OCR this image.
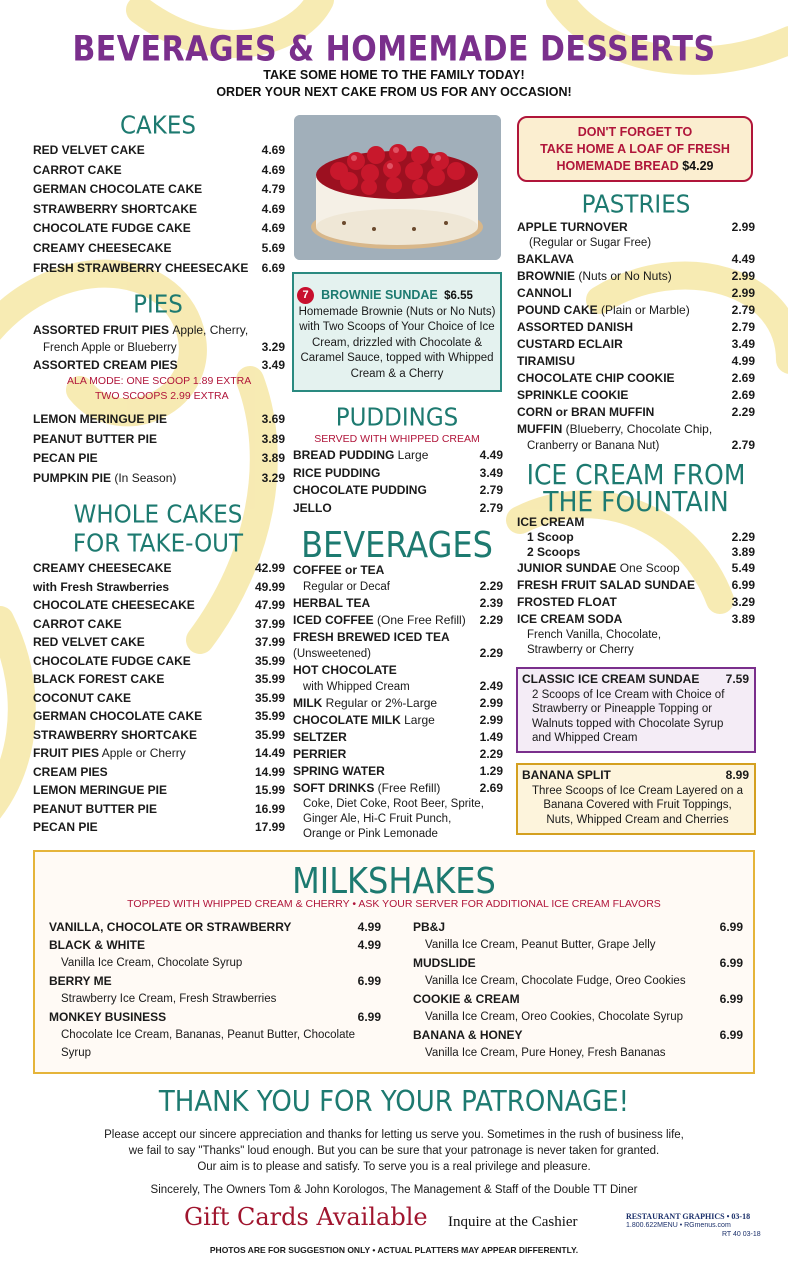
BEVERAGES & HOMEMADE DESSERTS
TAKE SOME HOME TO THE FAMILY TODAY!
ORDER YOUR NEXT CAKE FROM US FOR ANY OCCASION!
CAKES
RED VELVET CAKE	4.69
CARROT CAKE	4.69
GERMAN CHOCOLATE CAKE	4.79
STRAWBERRY SHORTCAKE	4.69
CHOCOLATE FUDGE CAKE	4.69
CREAMY CHEESECAKE	5.69
FRESH STRAWBERRY CHEESECAKE 6.69
PIES
ASSORTED FRUIT PIES Apple, Cherry,
French Apple or Blueberry	3.29
ASSORTED CREAM PIES	3.49
ALA MODE: ONE SCOOP 1.89 EXTRA
TWO SCOOPS 2.99 EXTRA
LEMON MERINGUE PIE	3.69
PEANUT BUTTER PIE	3.89
PECAN PIE	3.89
PUMPKIN PIE (In Season)	3.29
WHOLE CAKES
FOR TAKE-OUT
CREAMY CHEESECAKE	42.99
with Fresh Strawberries	49.99
CHOCOLATE CHEESECAKE	47.99
CARROT CAKE	37.99
RED VELVET CAKE	37.99
CHOCOLATE FUDGE CAKE	35.99
BLACK FOREST CAKE	35.99
COCONUT CAKE	35.99
GERMAN CHOCOLATE CAKE	35.99
STRAWBERRY SHORTCAKE	35.99
FRUIT PIES Apple or Cherry	14.49
CREAM PIES	14.99
LEMON MERINGUE PIE	15.99
PEANUT BUTTER PIE	16.99
PECAN PIE	17.99
DON'T FORGET TO
TAKE HOME A LOAF OF FRESH
HOMEMADE BREAD $4.29
7	BROWNIE SUNDAE $6.55
Homemade Brownie (Nuts or No Nuts) with Two Scoops of Your Choice of Ice Cream, drizzled with Chocolate & Caramel Sauce, topped with Whipped Cream & a Cherry
PUDDINGS
SERVED WITH WHIPPED CREAM
BREAD PUDDING Large	4.49
RICE PUDDING	3.49
CHOCOLATE PUDDING	2.79
JELLO	2.79
BEVERAGES
COFFEE or TEA
Regular or Decaf	2.29
HERBAL TEA	2.39
ICED COFFEE (One Free Refill) 2.29
FRESH BREWED ICED TEA
(Unsweetened)	2.29
HOT CHOCOLATE
with Whipped Cream	2.49
MILK Regular or 2%-Large	2.99
CHOCOLATE MILK Large	2.99
SELTZER	1.49
PERRIER	2.29
SPRING WATER	1.29
SOFT DRINKS (Free Refill)	2.69
Coke, Diet Coke, Root Beer, Sprite,
Ginger Ale, Hi-C Fruit Punch,
Orange or Pink Lemonade
PASTRIES
APPLE TURNOVER	2.99
(Regular or Sugar Free)
BAKLAVA	4.49
BROWNIE (Nuts or No Nuts)	2.99
CANNOLI	2.99
POUND CAKE (Plain or Marble)	2.79
ASSORTED DANISH	2.79
CUSTARD ECLAIR	3.49
TIRAMISU	4.99
CHOCOLATE CHIP COOKIE	2.69
SPRINKLE COOKIE	2.69
CORN or BRAN MUFFIN	2.29
MUFFIN (Blueberry, Chocolate Chip,
Cranberry or Banana Nut)	2.79
ICE CREAM FROM
THE FOUNTAIN
ICE CREAM
1 Scoop	2.29
2 Scoops	3.89
JUNIOR SUNDAE One Scoop	5.49
FRESH FRUIT SALAD SUNDAE	6.99
FROSTED FLOAT	3.29
ICE CREAM SODA	3.89
French Vanilla, Chocolate,
Strawberry or Cherry
CLASSIC ICE CREAM SUNDAE 7.59
2 Scoops of Ice Cream with Choice of Strawberry or Pineapple Topping or Walnuts topped with Chocolate Syrup and Whipped Cream
BANANA SPLIT	8.99
Three Scoops of Ice Cream Layered on a Banana Covered with Fruit Toppings, Nuts, Whipped Cream and Cherries
MILKSHAKES
TOPPED WITH WHIPPED CREAM & CHERRY • ASK YOUR SERVER FOR ADDITIONAL ICE CREAM FLAVORS
VANILLA, CHOCOLATE OR STRAWBERRY	4.99
BLACK & WHITE	4.99
Vanilla Ice Cream, Chocolate Syrup
BERRY ME	6.99
Strawberry Ice Cream, Fresh Strawberries
MONKEY BUSINESS	6.99
Chocolate Ice Cream, Bananas, Peanut Butter, Chocolate Syrup
PB&J	6.99
Vanilla Ice Cream, Peanut Butter, Grape Jelly
MUDSLIDE	6.99
Vanilla Ice Cream, Chocolate Fudge, Oreo Cookies
COOKIE & CREAM	6.99
Vanilla Ice Cream, Oreo Cookies, Chocolate Syrup
BANANA & HONEY	6.99
Vanilla Ice Cream, Pure Honey, Fresh Bananas
THANK YOU FOR YOUR PATRONAGE!
Please accept our sincere appreciation and thanks for letting us serve you. Sometimes in the rush of business life,
we fail to say "Thanks" loud enough. But you can be sure that your patronage is never taken for granted.
Our aim is to please and satisfy. To serve you is a real privilege and pleasure.
Sincerely, The Owners Tom & John Korologos, The Management & Staff of the Double TT Diner
Gift Cards Available Inquire at the Cashier	RESTAURANT GRAPHICS • 03-18
1.800.622MENU • RGmenus.com
RT 40 03-18
PHOTOS ARE FOR SUGGESTION ONLY • ACTUAL PLATTERS MAY APPEAR DIFFERENTLY.
